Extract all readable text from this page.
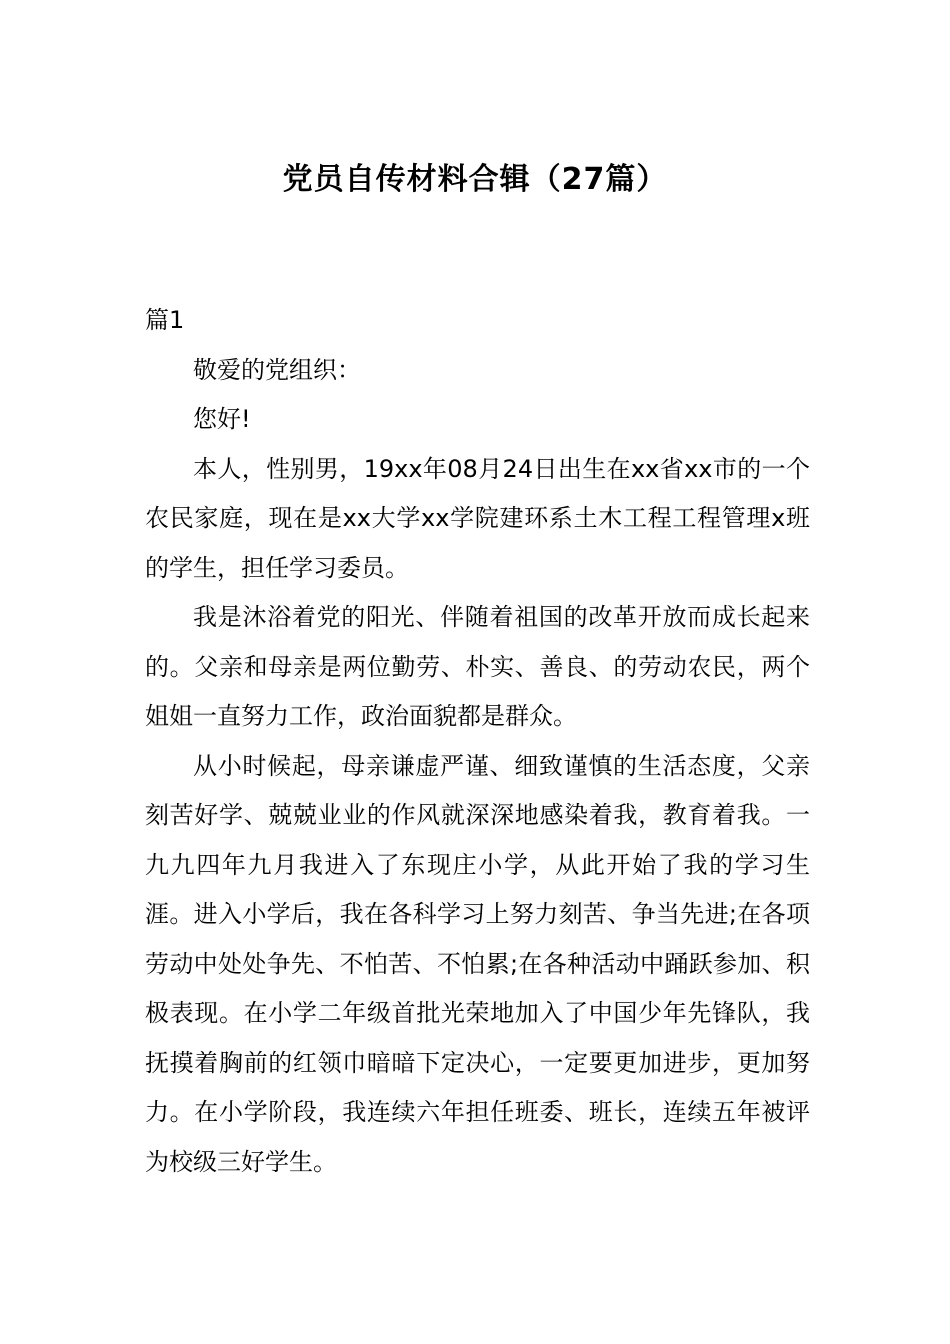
党员自传材料合辑（27篇）

篇1

敬爱的党组织：

您好!

本人，性别男，19xx年08月24日出生在xx省xx市的一个农民家庭，现在是xx大学xx学院建环系土木工程工程管理x班的学生，担任学习委员。

我是沐浴着党的阳光、伴随着祖国的改革开放而成长起来的。父亲和母亲是两位勤劳、朴实、善良、的劳动农民，两个姐姐一直努力工作，政治面貌都是群众。

从小时候起，母亲谦虚严谨、细致谨慎的生活态度，父亲刻苦好学、兢兢业业的作风就深深地感染着我，教育着我。一九九四年九月我进入了东现庄小学，从此开始了我的学习生涯。进入小学后，我在各科学习上努力刻苦、争当先进;在各项劳动中处处争先、不怕苦、不怕累;在各种活动中踊跃参加、积极表现。在小学二年级首批光荣地加入了中国少年先锋队，我抚摸着胸前的红领巾暗暗下定决心，一定要更加进步，更加努力。在小学阶段，我连续六年担任班委、班长，连续五年被评为校级三好学生。
